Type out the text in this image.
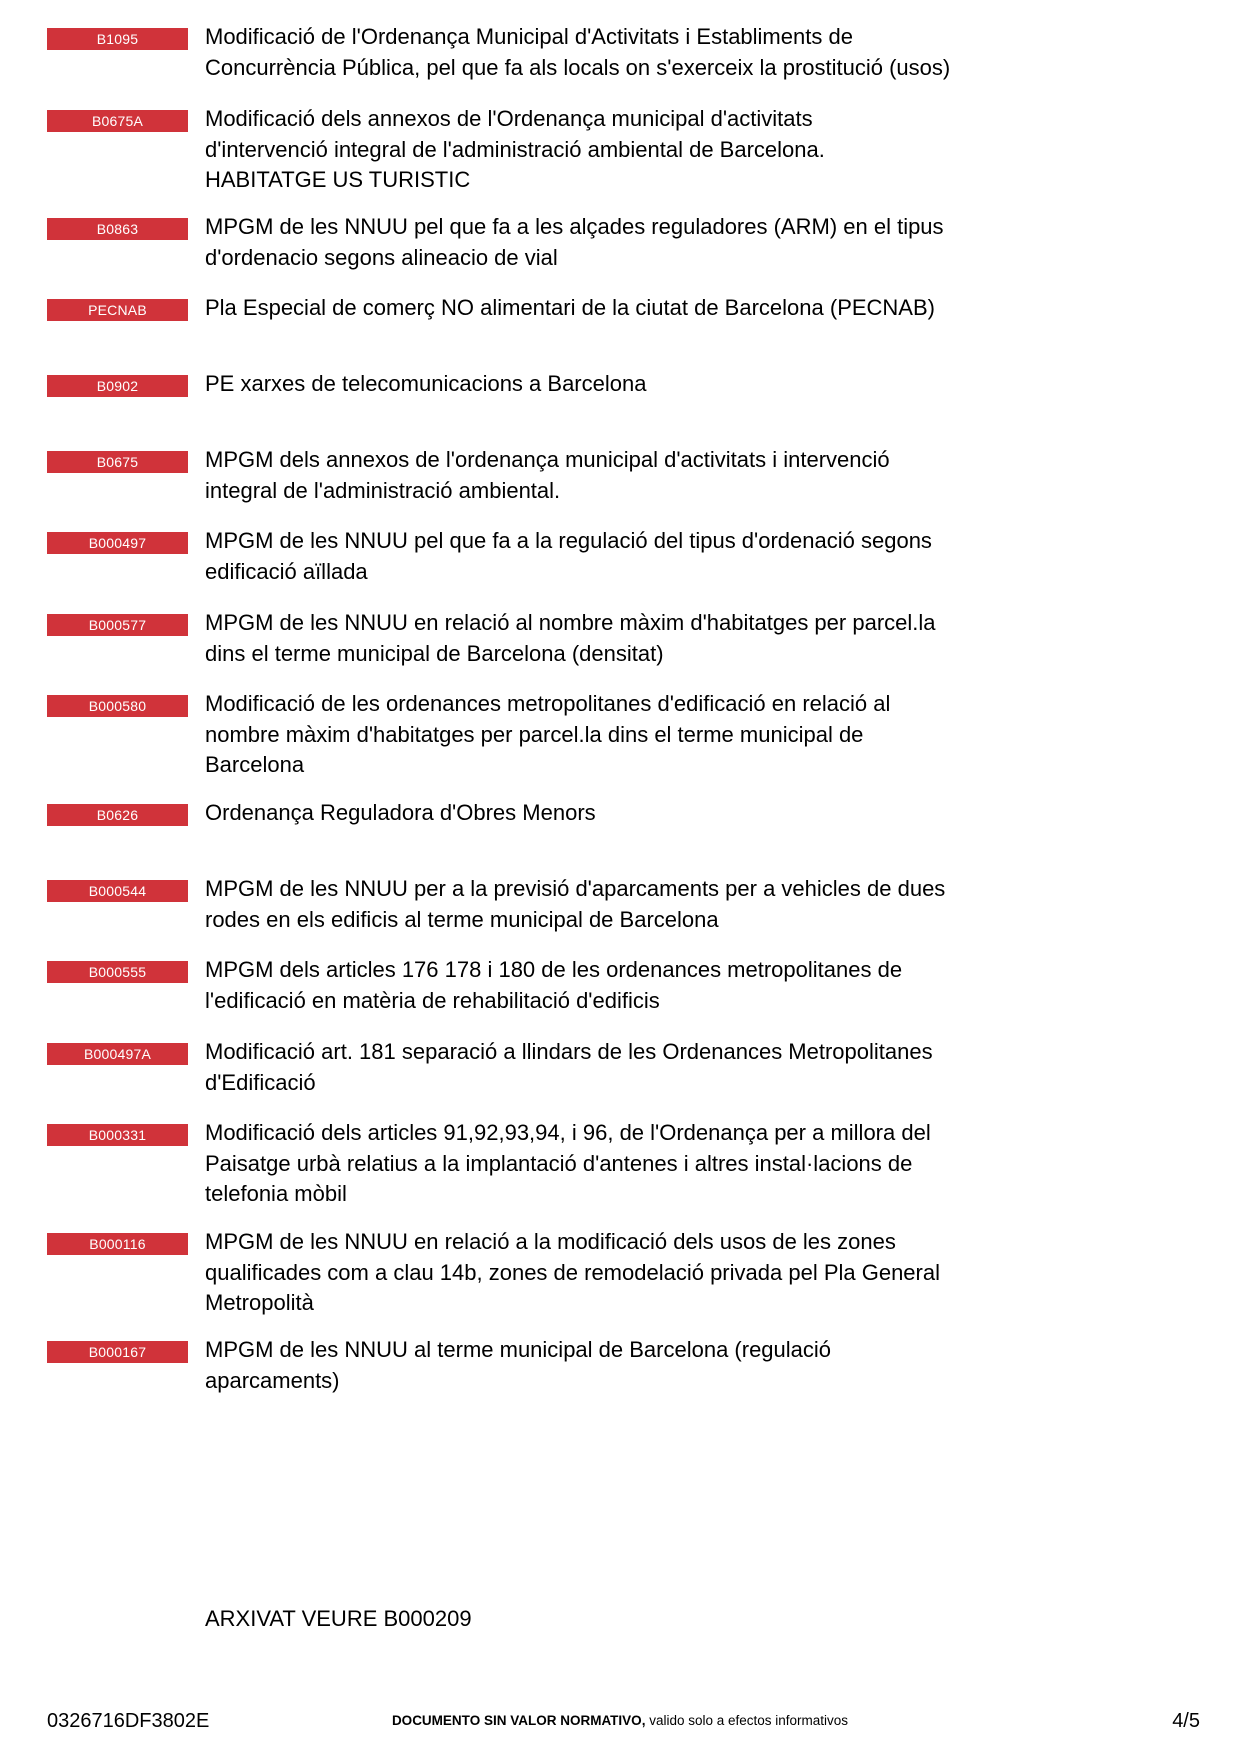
B1095	Modificació de l'Ordenança Municipal d'Activitats i Establiments de
Concurrència Pública, pel que fa als locals on s'exerceix la prostitució (usos)
B0675A	Modificació dels annexos de l'Ordenança municipal d'activitats
d'intervenció integral de l'administració ambiental de Barcelona.
HABITATGE US TURISTIC
B0863	MPGM de les NNUU pel que fa a les alçades reguladores (ARM) en el tipus
d'ordenacio segons alineacio de vial
PECNAB	Pla Especial de comerç NO alimentari de la ciutat de Barcelona (PECNAB)
B0902	PE xarxes de telecomunicacions a Barcelona
B0675	MPGM dels annexos de l'ordenança municipal d'activitats i intervenció
integral de l'administració ambiental.
B000497	MPGM de les NNUU pel que fa a la regulació del tipus d'ordenació segons
edificació aïllada
B000577	MPGM de les NNUU en relació al nombre màxim d'habitatges per parcel.la
dins el terme municipal de Barcelona (densitat)
B000580	Modificació de les ordenances metropolitanes d'edificació en relació al
nombre màxim d'habitatges per parcel.la dins el terme municipal de
Barcelona
B0626	Ordenança Reguladora d'Obres Menors
B000544	MPGM de les NNUU per a la previsió d'aparcaments per a vehicles de dues
rodes en els edificis al terme municipal de Barcelona
B000555	MPGM dels articles 176 178 i 180 de les ordenances metropolitanes de
l'edificació en matèria de rehabilitació d'edificis
B000497A	Modificació art. 181 separació a llindars de les Ordenances Metropolitanes
d'Edificació
B000331	Modificació dels articles 91,92,93,94, i 96, de l'Ordenança per a millora del
Paisatge urbà relatius a la implantació d'antenes i altres instal·lacions de
telefonia mòbil
B000116	MPGM de les NNUU en relació a la modificació dels usos de les zones
qualificades com a clau 14b, zones de remodelació privada pel Pla General
Metropolità
B000167	MPGM de les NNUU al terme municipal de Barcelona (regulació
aparcaments)
ARXIVAT VEURE B000209
0326716DF3802E	DOCUMENTO SIN VALOR NORMATIVO, valido solo a efectos informativos	4/5
